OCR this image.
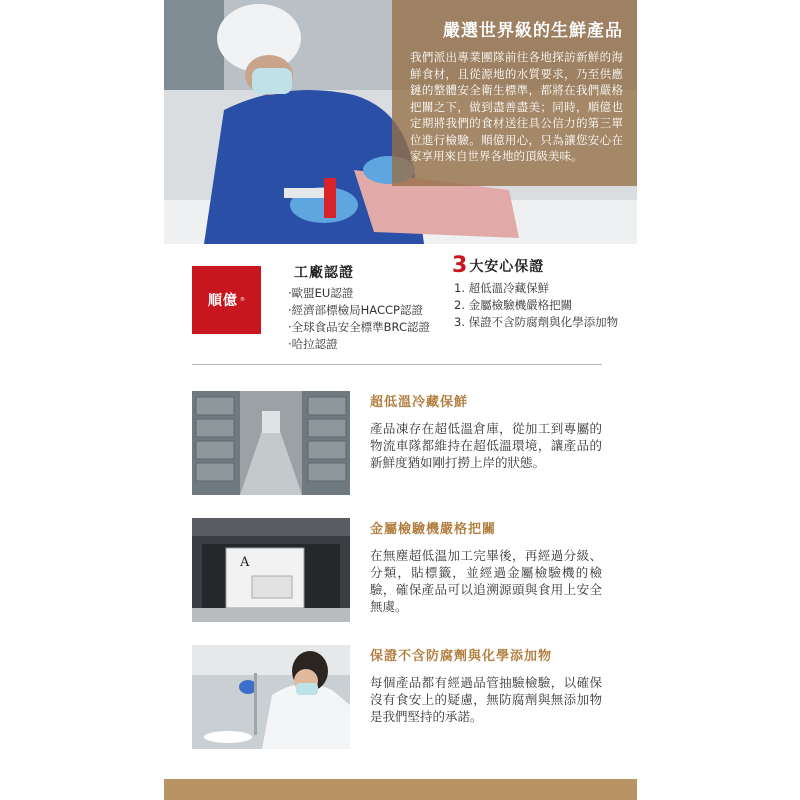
嚴選世界級的生鮮產品

我們派出專業團隊前往各地探訪新鮮的海鮮食材，且從源地的水質要求，乃至供應鏈的整體安全衛生標準，都將在我們嚴格把關之下，做到盡善盡美；同時，順億也定期將我們的食材送往具公信力的第三單位進行檢驗。順億用心，只為讓您安心在家享用來自世界各地的頂級美味。

順億 ®
工廠認證
‧歐盟EU認證
‧經濟部標檢局HACCP認證
‧全球食品安全標準BRC認證
‧哈拉認證
3 大安心保證
1. 超低溫冷藏保鮮
2. 金屬檢驗機嚴格把關
3. 保證不含防腐劑與化學添加物
超低溫冷藏保鮮

產品凍存在超低溫倉庫，從加工到專屬的物流車隊都維持在超低溫環境，讓產品的新鮮度猶如剛打撈上岸的狀態。

A
金屬檢驗機嚴格把關

在無塵超低溫加工完畢後，再經過分級、分類，貼標籤，並經過金屬檢驗機的檢驗，確保產品可以追溯源頭與食用上安全無虞。

保證不含防腐劑與化學添加物

每個產品都有經過品管抽驗檢驗，以確保沒有食安上的疑慮，無防腐劑與無添加物是我們堅持的承諾。
